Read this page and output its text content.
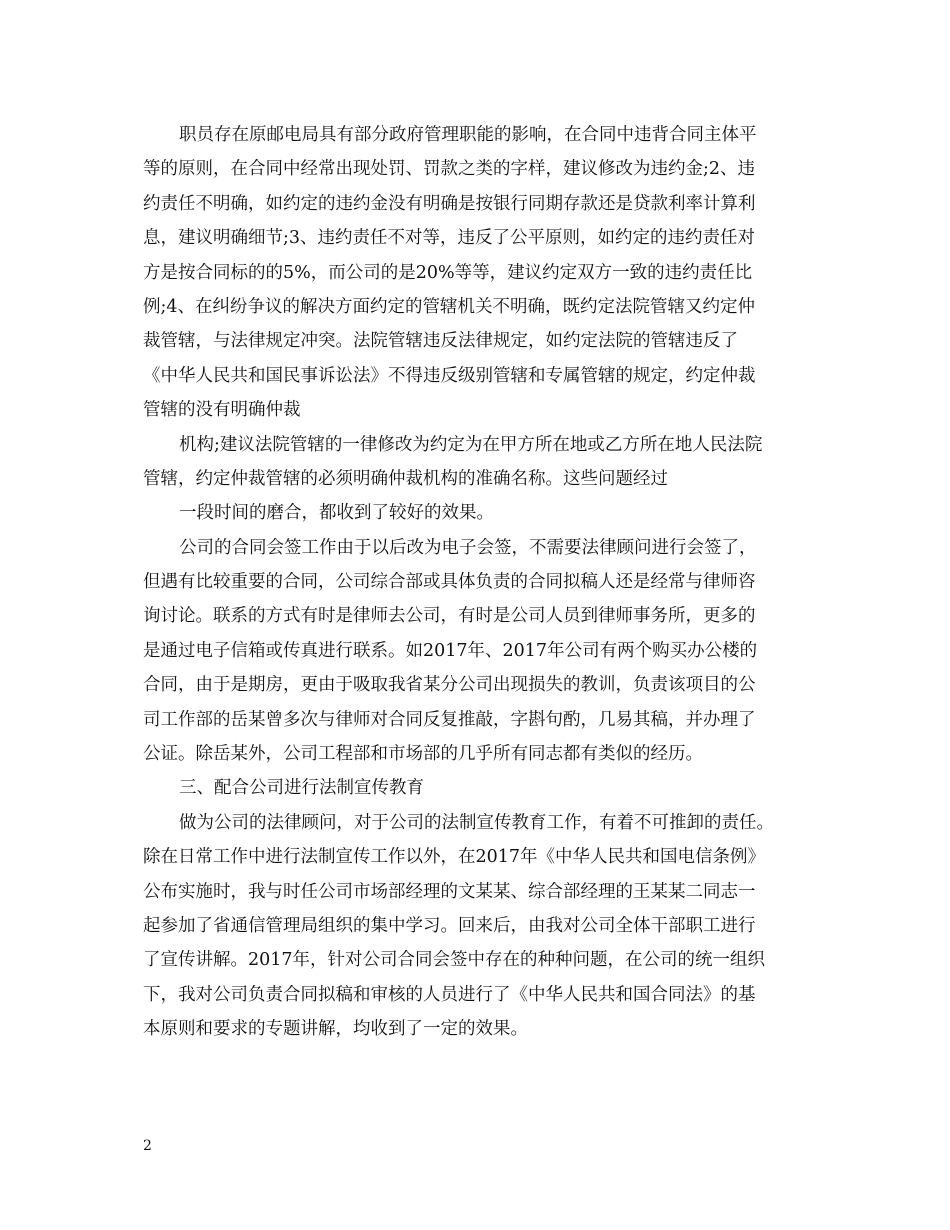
职员存在原邮电局具有部分政府管理职能的影响，在合同中违背合同主体平
等的原则，在合同中经常出现处罚、罚款之类的字样，建议修改为违约金;2、违
约责任不明确，如约定的违约金没有明确是按银行同期存款还是贷款利率计算利
息，建议明确细节;3、违约责任不对等，违反了公平原则，如约定的违约责任对
方是按合同标的的5%，而公司的是20%等等，建议约定双方一致的违约责任比
例;4、在纠纷争议的解决方面约定的管辖机关不明确，既约定法院管辖又约定仲
裁管辖，与法律规定冲突。法院管辖违反法律规定，如约定法院的管辖违反了
《中华人民共和国民事诉讼法》不得违反级别管辖和专属管辖的规定，约定仲裁
管辖的没有明确仲裁
机构;建议法院管辖的一律修改为约定为在甲方所在地或乙方所在地人民法院
管辖，约定仲裁管辖的必须明确仲裁机构的准确名称。这些问题经过
一段时间的磨合，都收到了较好的效果。
公司的合同会签工作由于以后改为电子会签，不需要法律顾问进行会签了，
但遇有比较重要的合同，公司综合部或具体负责的合同拟稿人还是经常与律师咨
询讨论。联系的方式有时是律师去公司，有时是公司人员到律师事务所，更多的
是通过电子信箱或传真进行联系。如2017年、2017年公司有两个购买办公楼的
合同，由于是期房，更由于吸取我省某分公司出现损失的教训，负责该项目的公
司工作部的岳某曾多次与律师对合同反复推敲，字斟句酌，几易其稿，并办理了
公证。除岳某外，公司工程部和市场部的几乎所有同志都有类似的经历。
三、配合公司进行法制宣传教育
做为公司的法律顾问，对于公司的法制宣传教育工作，有着不可推卸的责任。
除在日常工作中进行法制宣传工作以外，在2017年《中华人民共和国电信条例》
公布实施时，我与时任公司市场部经理的文某某、综合部经理的王某某二同志一
起参加了省通信管理局组织的集中学习。回来后，由我对公司全体干部职工进行
了宣传讲解。2017年，针对公司合同会签中存在的种种问题，在公司的统一组织
下，我对公司负责合同拟稿和审核的人员进行了《中华人民共和国合同法》的基
本原则和要求的专题讲解，均收到了一定的效果。
2
